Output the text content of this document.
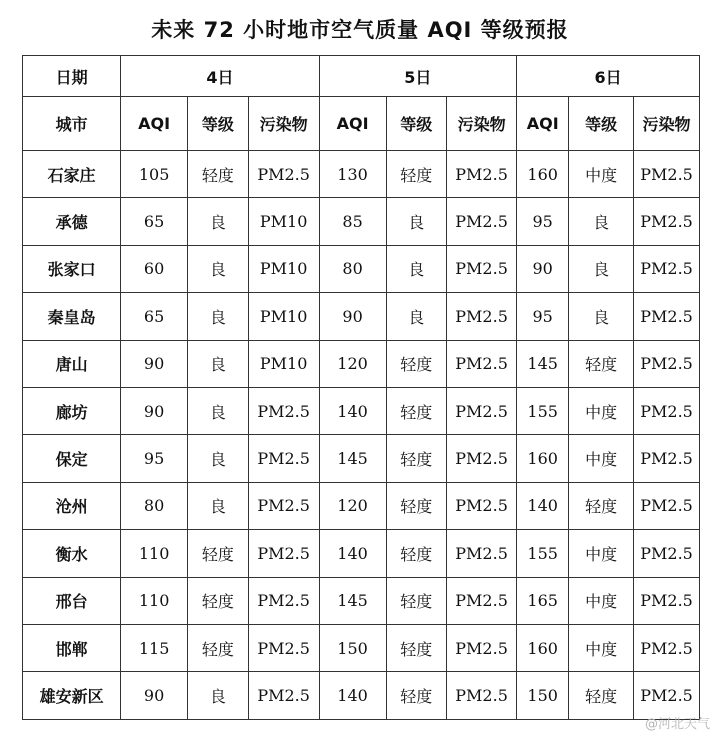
未来 72 小时地市空气质量 AQI 等级预报
日期	4日			5日			6日		
城市	AQI	等级	污染物	AQI	等级	污染物	AQI	等级	污染物
石家庄	105	轻度	PM2.5	130	轻度	PM2.5	160	中度	PM2.5
承德	65	良	PM10	85	良	PM2.5	95	良	PM2.5
张家口	60	良	PM10	80	良	PM2.5	90	良	PM2.5
秦皇岛	65	良	PM10	90	良	PM2.5	95	良	PM2.5
唐山	90	良	PM10	120	轻度	PM2.5	145	轻度	PM2.5
廊坊	90	良	PM2.5	140	轻度	PM2.5	155	中度	PM2.5
保定	95	良	PM2.5	145	轻度	PM2.5	160	中度	PM2.5
沧州	80	良	PM2.5	120	轻度	PM2.5	140	轻度	PM2.5
衡水	110	轻度	PM2.5	140	轻度	PM2.5	155	中度	PM2.5
邢台	110	轻度	PM2.5	145	轻度	PM2.5	165	中度	PM2.5
邯郸	115	轻度	PM2.5	150	轻度	PM2.5	160	中度	PM2.5
雄安新区	90	良	PM2.5	140	轻度	PM2.5	150	轻度	PM2.5
@河北天气
